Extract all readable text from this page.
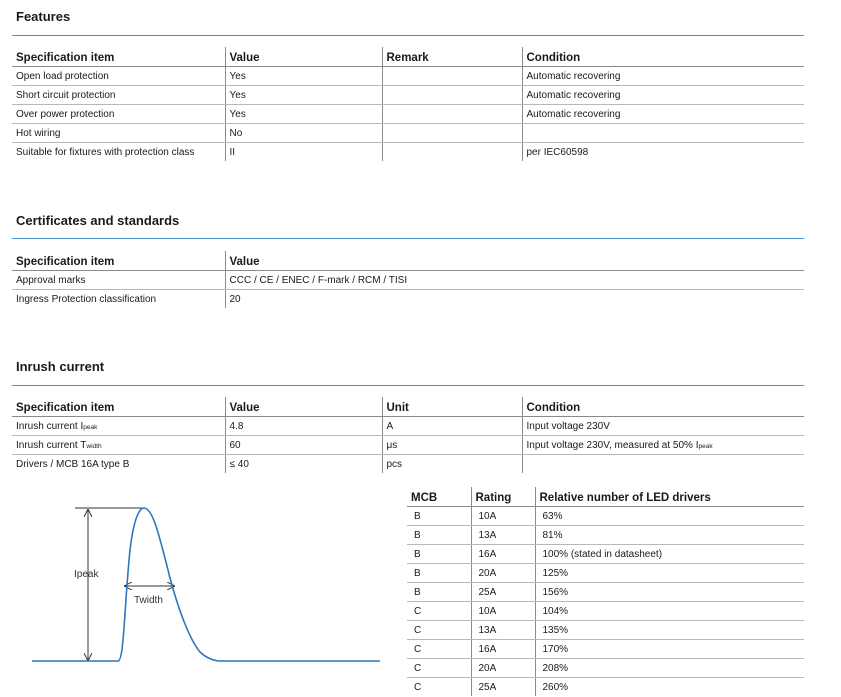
Features
Specification item	Value	Remark	Condition
Open load protection	Yes		Automatic recovering
Short circuit protection	Yes		Automatic recovering
Over power protection	Yes		Automatic recovering
Hot wiring	No		
Suitable for fixtures with protection class	II		per IEC60598
Certificates and standards
Specification item	Value
Approval marks	CCC / CE / ENEC / F-mark / RCM / TISI
Ingress Protection classification	20
Inrush current
Specification item	Value	Unit	Condition
Inrush current Ipeak	4.8	A	Input voltage 230V
Inrush current Twidth	60	μs	Input voltage 230V, measured at 50% Ipeak
Drivers / MCB 16A type B	≤ 40	pcs	
Ipeak
Twidth
MCB	Rating	Relative number of LED drivers
B	10A	63%
B	13A	81%
B	16A	100% (stated in datasheet)
B	20A	125%
B	25A	156%
C	10A	104%
C	13A	135%
C	16A	170%
C	20A	208%
C	25A	260%
